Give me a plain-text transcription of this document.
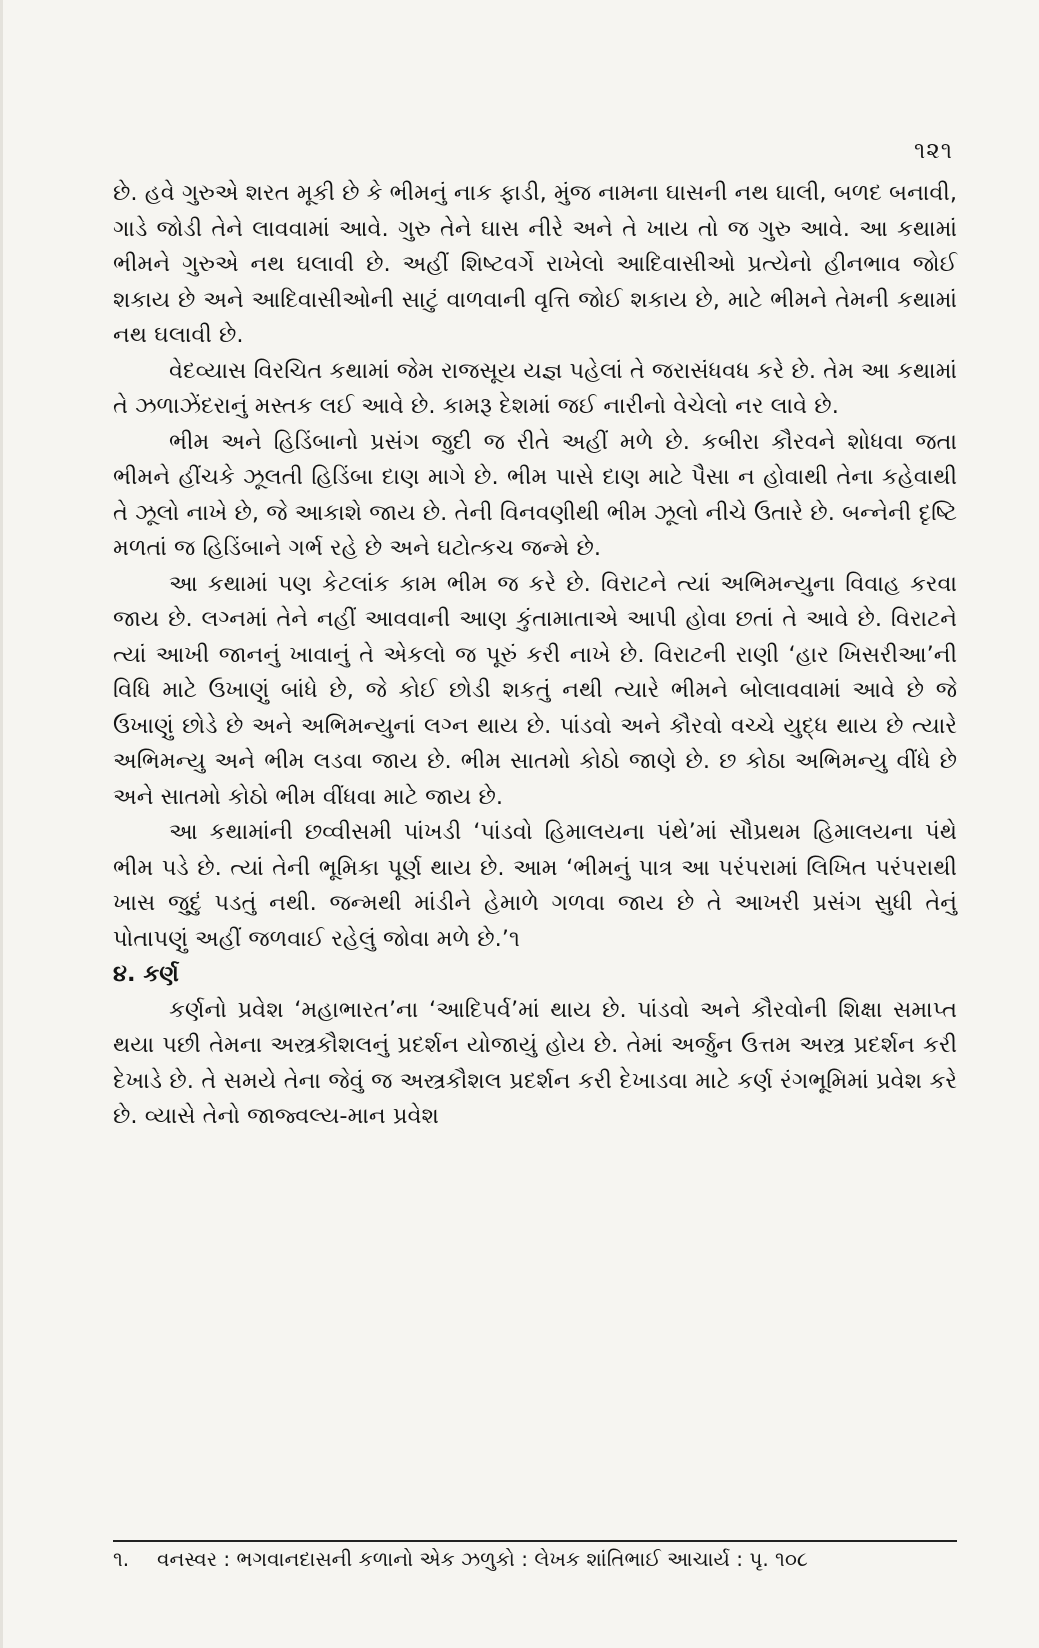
૧૨૧

છે. હવે ગુરુએ શરત મૂકી છે કે ભીમનું નાક ફાડી, મુંજ નામના ઘાસની નથ ઘાલી, બળદ બનાવી, ગાડે જોડી તેને લાવવામાં આવે. ગુરુ તેને ઘાસ નીરે અને તે ખાય તો જ ગુરુ આવે. આ કથામાં ભીમને ગુરુએ નથ ઘલાવી છે. અહીં શિષ્ટવર્ગે રાખેલો આદિવાસીઓ પ્રત્યેનો હીનભાવ જોઈ શકાય છે અને આદિવાસીઓની સાટું વાળવાની વૃત્તિ જોઈ શકાય છે, માટે ભીમને તેમની કથામાં નથ ઘલાવી છે.

વેદવ્યાસ વિરચિત કથામાં જેમ રાજસૂય યજ્ઞ પહેલાં તે જરાસંધવધ કરે છે. તેમ આ કથામાં તે ઝળાઝેંદરાનું મસ્તક લઈ આવે છે. કામરૂ દેશમાં જઈ નારીનો વેચેલો નર લાવે છે.

ભીમ અને હિડિંબાનો પ્રસંગ જુદી જ રીતે અહીં મળે છે. કબીરા કૌરવને શોધવા જતા ભીમને હીંચકે ઝૂલતી હિડિંબા દાણ માગે છે. ભીમ પાસે દાણ માટે પૈસા ન હોવાથી તેના કહેવાથી તે ઝૂલો નાખે છે, જે આકાશે જાય છે. તેની વિનવણીથી ભીમ ઝૂલો નીચે ઉતારે છે. બન્નેની દૃષ્ટિ મળતાં જ હિડિંબાને ગર્ભ રહે છે અને ઘટોત્કચ જન્મે છે.

આ કથામાં પણ કેટલાંક કામ ભીમ જ કરે છે. વિરાટને ત્યાં અભિમન્યુના વિવાહ કરવા જાય છે. લગ્નમાં તેને નહીં આવવાની આણ કુંતામાતાએ આપી હોવા છતાં તે આવે છે. વિરાટને ત્યાં આખી જાનનું ખાવાનું તે એકલો જ પૂરું કરી નાખે છે. વિરાટની રાણી ‘હાર ખિસરીઆ’ની વિધિ માટે ઉખાણું બાંધે છે, જે કોઈ છોડી શકતું નથી ત્યારે ભીમને બોલાવવામાં આવે છે જે ઉખાણું છોડે છે અને અભિમન્યુનાં લગ્ન થાય છે. પાંડવો અને કૌરવો વચ્ચે યુદ્ધ થાય છે ત્યારે અભિમન્યુ અને ભીમ લડવા જાય છે. ભીમ સાતમો કોઠો જાણે છે. છ કોઠા અભિમન્યુ વીંધે છે અને સાતમો કોઠો ભીમ વીંધવા માટે જાય છે.

આ કથામાંની છવ્વીસમી પાંખડી ‘પાંડવો હિમાલયના પંથે’માં સૌપ્રથમ હિમાલયના પંથે ભીમ પડે છે. ત્યાં તેની ભૂમિકા પૂર્ણ થાય છે. આમ ‘ભીમનું પાત્ર આ પરંપરામાં લિખિત પરંપરાથી ખાસ જુદું પડતું નથી. જન્મથી માંડીને હેમાળે ગળવા જાય છે તે આખરી પ્રસંગ સુધી તેનું પોતાપણું અહીં જળવાઈ રહેલું જોવા મળે છે.’૧

૪. કર્ણ

કર્ણનો પ્રવેશ ‘મહાભારત’ના ‘આદિપર્વ’માં થાય છે. પાંડવો અને કૌરવોની શિક્ષા સમાપ્ત થયા પછી તેમના અસ્ત્રકૌશલનું પ્રદર્શન યોજાયું હોય છે. તેમાં અર્જુન ઉત્તમ અસ્ત્ર પ્રદર્શન કરી દેખાડે છે. તે સમયે તેના જેવું જ અસ્ત્રકૌશલ પ્રદર્શન કરી દેખાડવા માટે કર્ણ રંગભૂમિમાં પ્રવેશ કરે છે. વ્યાસે તેનો જાજ્વલ્ય-માન પ્રવેશ

૧. વનસ્વર : ભગવાનદાસની કળાનો એક ઝળુકો : લેખક શાંતિભાઈ આચાર્ય : પૃ. ૧૦૮
